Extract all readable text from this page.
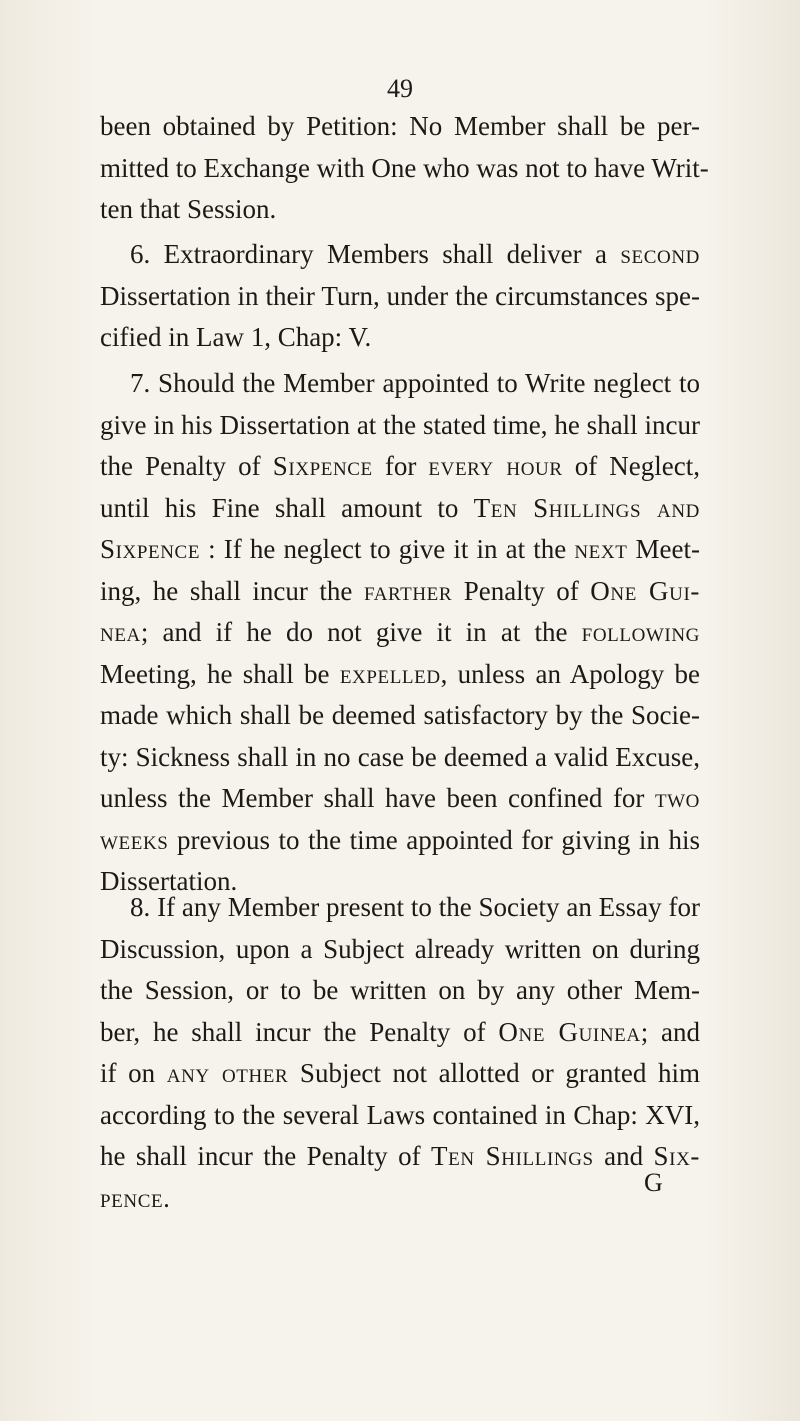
49
been obtained by Petition: No Member shall be per-
mitted to Exchange with One who was not to have Writ-
ten that Session.
6. Extraordinary Members shall deliver a second
Dissertation in their Turn, under the circumstances spe-
cified in Law 1, Chap: V.
7. Should the Member appointed to Write neglect to
give in his Dissertation at the stated time, he shall incur
the Penalty of Sixpence for every hour of Neglect,
until his Fine shall amount to Ten Shillings and
Sixpence : If he neglect to give it in at the next Meet-
ing, he shall incur the farther Penalty of One Gui-
nea; and if he do not give it in at the following
Meeting, he shall be expelled, unless an Apology be
made which shall be deemed satisfactory by the Socie-
ty: Sickness shall in no case be deemed a valid Excuse,
unless the Member shall have been confined for two
weeks previous to the time appointed for giving in his
Dissertation.
8. If any Member present to the Society an Essay for
Discussion, upon a Subject already written on during
the Session, or to be written on by any other Mem-
ber, he shall incur the Penalty of One Guinea; and
if on any other Subject not allotted or granted him
according to the several Laws contained in Chap: XVI,
he shall incur the Penalty of Ten Shillings and Six-
pence.	G
